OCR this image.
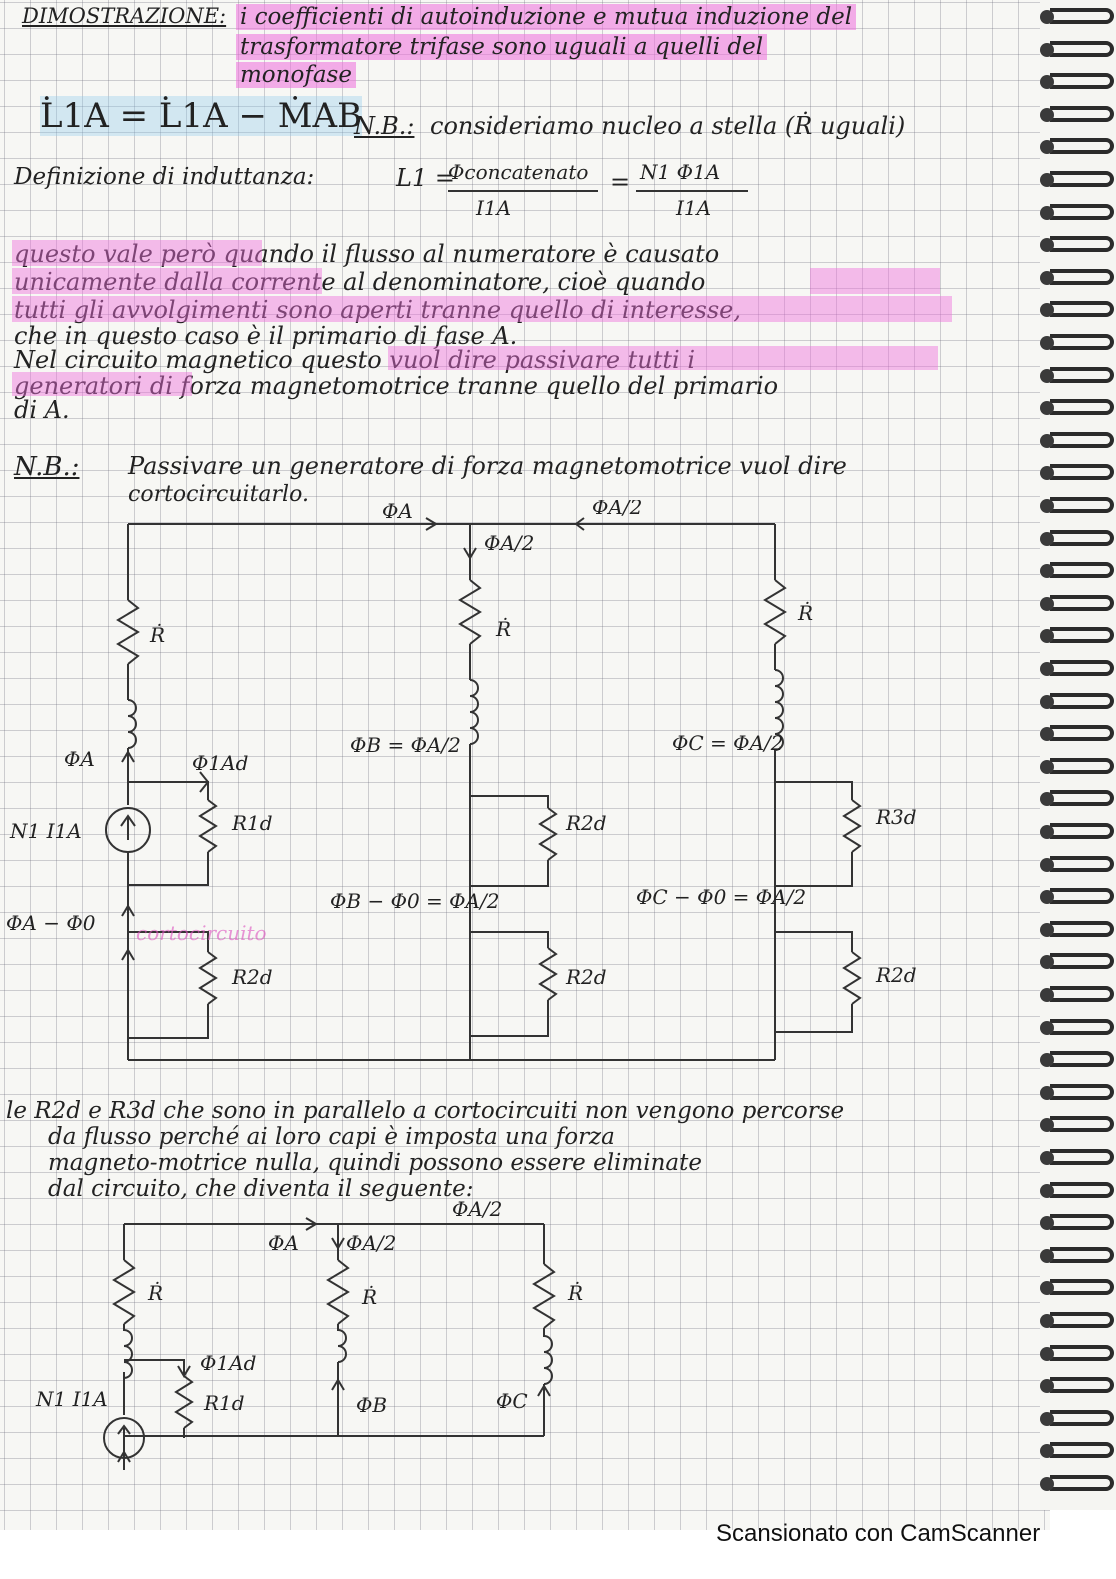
DIMOSTRAZIONE: i coefficienti di autoinduzione e mutua induzione del
trasformatore trifase sono uguali a quelli del
monofase
L̇1A = L̇1A − ṀAB
N.B.: consideriamo nucleo a stella (Ṙ uguali)
Definizione di induttanza:	L1 =
Φconcatenato
I1A
= N1 Φ1A
I1A
questo vale però quando il flusso al numeratore è causato
unicamente dalla corrente al denominatore, cioè quando
tutti gli avvolgimenti sono aperti tranne quello di interesse,
che in questo caso è il primario di fase A.
Nel circuito magnetico questo vuol dire passivare tutti i
generatori di forza magnetomotrice tranne quello del primario
di A.
N.B.: Passivare un generatore di forza magnetomotrice vuol dire
cortocircuitarlo.
ΦA	ΦA/2
ΦA/2
Ṙ	Ṙ
Ṙ
ΦA	Φ1Ad
ΦB = ΦA/2	ΦC = ΦA/2
N1 I1A	R1d	R2d	R3d
ΦA − Φ0
ΦB − Φ0 = ΦA/2	ΦC − Φ0 = ΦA/2
cortocircuito
R2d	R2d	R2d
le R2d e R3d che sono in parallelo a cortocircuiti non vengono percorse
da flusso perché ai loro capi è imposta una forza
magneto-motrice nulla, quindi possono essere eliminate
dal circuito, che diventa il seguente:
ΦA/2
ΦA ΦA/2
Ṙ	Ṙ	Ṙ
Φ1Ad
N1 I1A	R1d	ΦB	ΦC
Scansionato con CamScanner
